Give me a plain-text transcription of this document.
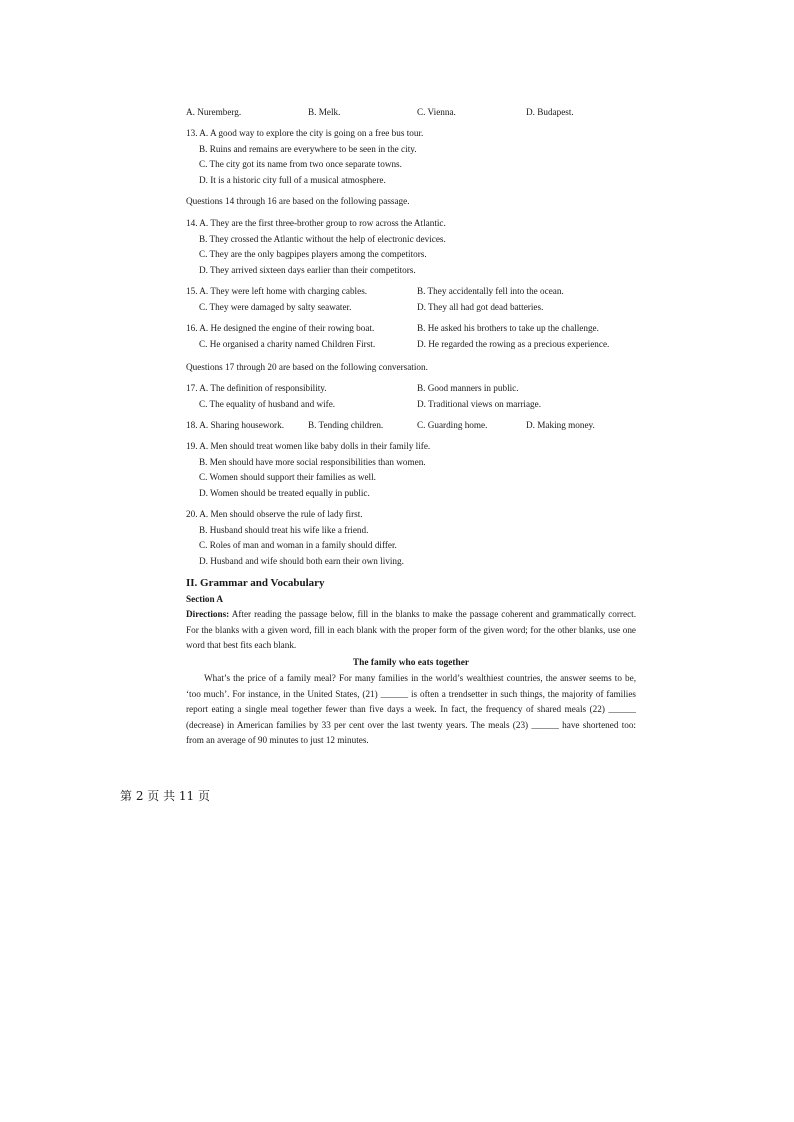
A. Nuremberg.	B. Melk.	C. Vienna.	D. Budapest.
13. A. A good way to explore the city is going on a free bus tour.
B. Ruins and remains are everywhere to be seen in the city.
C. The city got its name from two once separate towns.
D. It is a historic city full of a musical atmosphere.
Questions 14 through 16 are based on the following passage.
14. A. They are the first three-brother group to row across the Atlantic.
B. They crossed the Atlantic without the help of electronic devices.
C. They are the only bagpipes players among the competitors.
D. They arrived sixteen days earlier than their competitors.
15. A. They were left home with charging cables.	B. They accidentally fell into the ocean.
C. They were damaged by salty seawater.	D. They all had got dead batteries.
16. A. He designed the engine of their rowing boat.	B. He asked his brothers to take up the challenge.
C. He organised a charity named Children First.	D. He regarded the rowing as a precious experience.
Questions 17 through 20 are based on the following conversation.
17. A. The definition of responsibility.	B. Good manners in public.
C. The equality of husband and wife.	D. Traditional views on marriage.
18. A. Sharing housework.	B. Tending children.	C. Guarding home.	D. Making money.
19. A. Men should treat women like baby dolls in their family life.
B. Men should have more social responsibilities than women.
C. Women should support their families as well.
D. Women should be treated equally in public.
20. A. Men should observe the rule of lady first.
B. Husband should treat his wife like a friend.
C. Roles of man and woman in a family should differ.
D. Husband and wife should both earn their own living.
II. Grammar and Vocabulary
Section A
Directions: After reading the passage below, fill in the blanks to make the passage coherent and grammatically correct. For the blanks with a given word, fill in each blank with the proper form of the given word; for the other blanks, use one word that best fits each blank.
The family who eats together
What’s the price of a family meal? For many families in the world’s wealthiest countries, the answer seems to be, ‘too much’. For instance, in the United States, (21) ______ is often a trendsetter in such things, the majority of families report eating a single meal together fewer than five days a week. In fact, the frequency of shared meals (22) ______ (decrease) in American families by 33 per cent over the last twenty years. The meals (23) ______ have shortened too: from an average of 90 minutes to just 12 minutes.
第 2 页 共 11 页
